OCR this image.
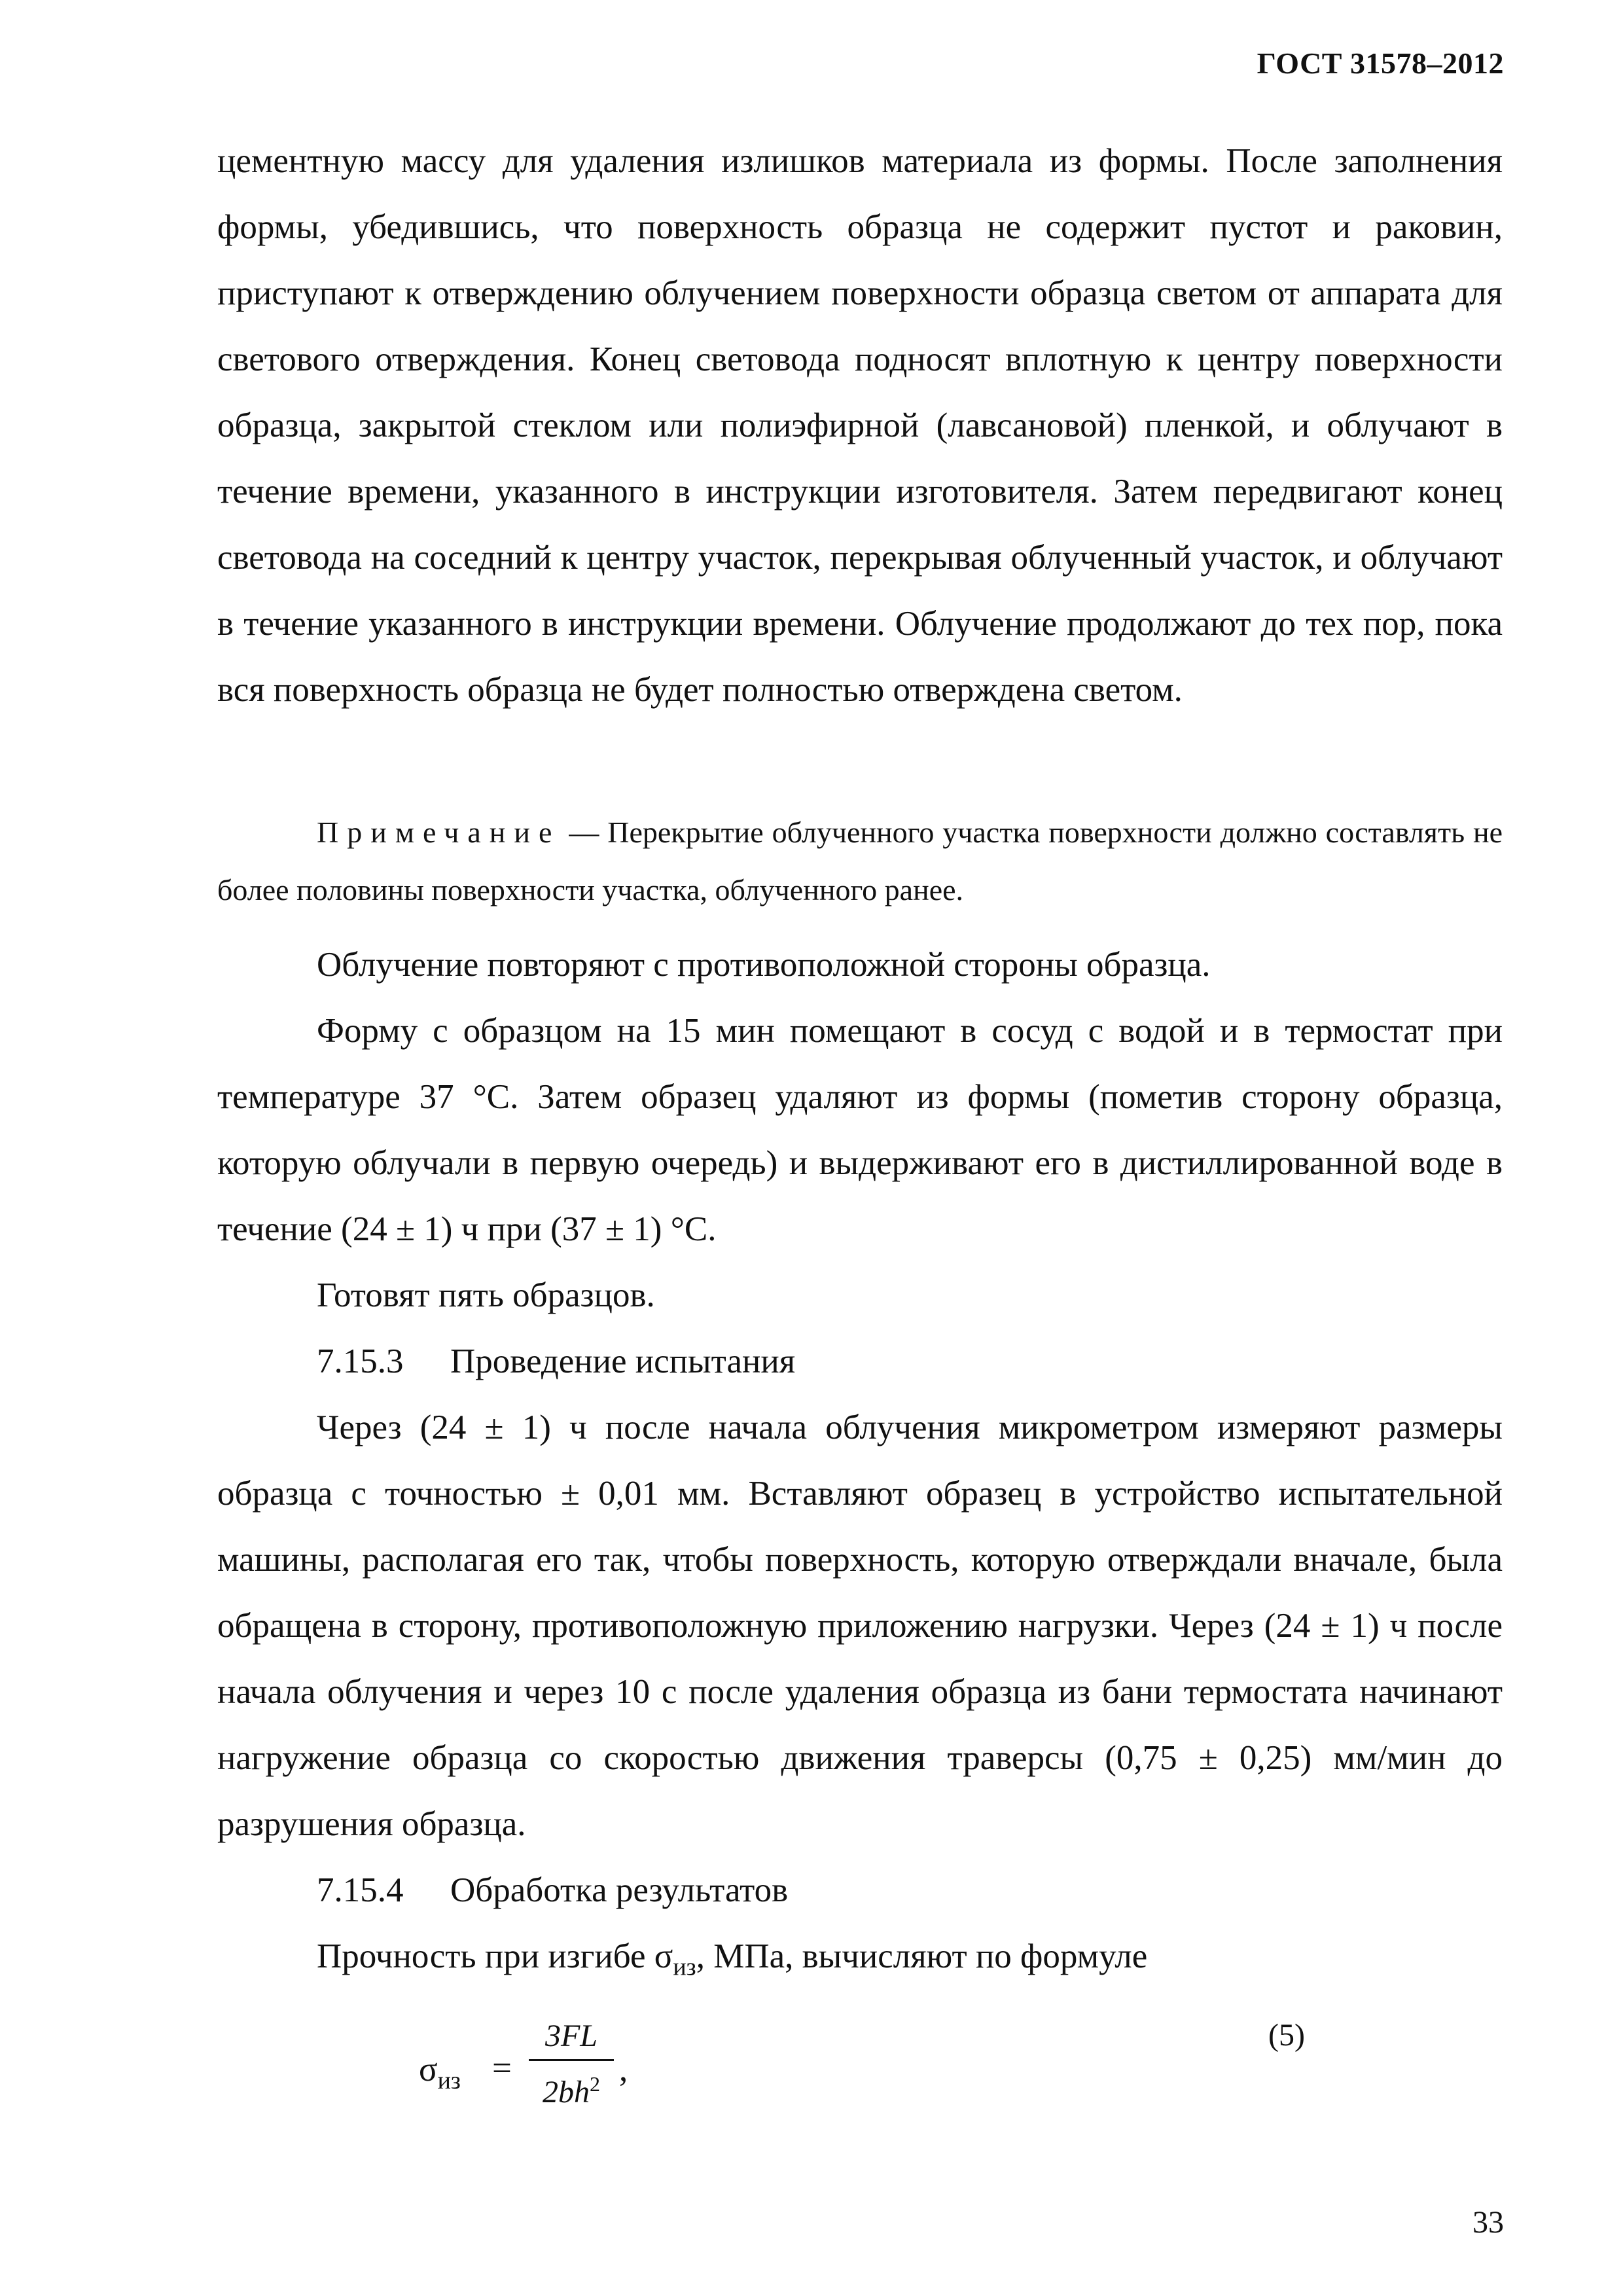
ГОСТ 31578–2012

цементную массу для удаления излишков материала из формы. После заполнения формы, убедившись, что поверхность образца не содержит пустот и раковин, приступают к отверждению облучением поверхности образца светом от аппарата для светового отверждения. Конец световода подносят вплотную к центру поверхности образца, закрытой стеклом или полиэфирной (лавсановой) пленкой, и облучают в течение времени, указанного в инструкции изготовителя. Затем передвигают конец световода на соседний к центру участок, перекрывая облученный участок, и облучают в течение указанного в инструкции времени. Облучение продолжают до тех пор, пока вся поверхность образца не будет полностью отверждена светом.

Примечание — Перекрытие облученного участка поверхности должно составлять не более половины поверхности участка, облученного ранее.

Облучение повторяют с противоположной стороны образца.

Форму с образцом на 15 мин помещают в сосуд с водой и в термостат при температуре 37 °С. Затем образец удаляют из формы (пометив сторону образца, которую облучали в первую очередь) и выдерживают его в дистиллированной воде в течение (24 ± 1) ч при (37 ± 1) °С.

Готовят пять образцов.

7.15.3 Проведение испытания

Через (24 ± 1) ч после начала облучения микрометром измеряют размеры образца с точностью ± 0,01 мм. Вставляют образец в устройство испытательной машины, располагая его так, чтобы поверхность, которую отверждали вначале, была обращена в сторону, противоположную приложению нагрузки. Через (24 ± 1) ч после начала облучения и через 10 с после удаления образца из бани термостата начинают нагружение образца со скоростью движения траверсы (0,75 ± 0,25) мм/мин до разрушения образца.

7.15.4 Обработка результатов

Прочность при изгибе $\sigma_{из}$, МПа, вычисляют по формуле

$\sigma_{из}$ =
3FL
$2bh^2$ ,
(5)
33
